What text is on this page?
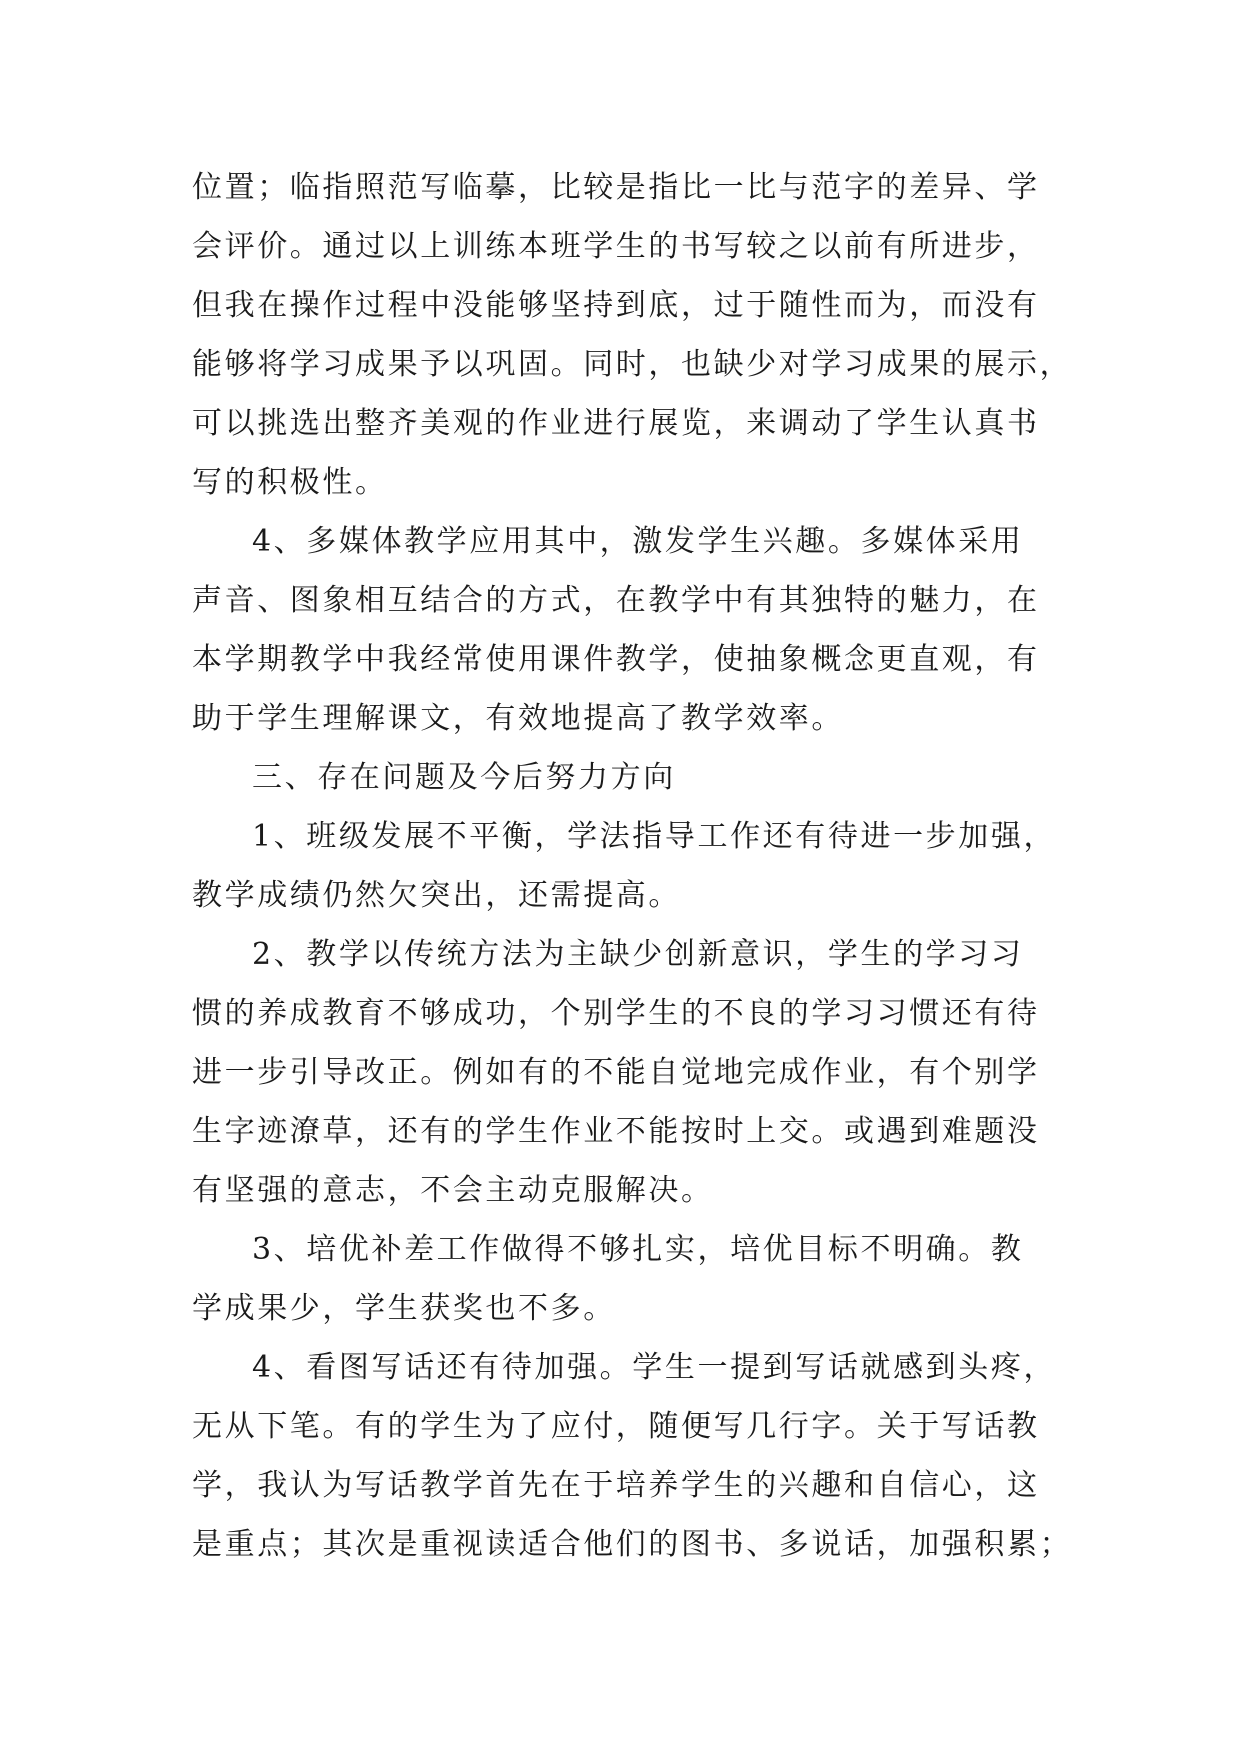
位置；临指照范写临摹，比较是指比一比与范字的差异、学
会评价。通过以上训练本班学生的书写较之以前有所进步，
但我在操作过程中没能够坚持到底，过于随性而为，而没有
能够将学习成果予以巩固。同时，也缺少对学习成果的展示，
可以挑选出整齐美观的作业进行展览，来调动了学生认真书
写的积极性。
4、多媒体教学应用其中，激发学生兴趣。多媒体采用
声音、图象相互结合的方式，在教学中有其独特的魅力，在
本学期教学中我经常使用课件教学，使抽象概念更直观，有
助于学生理解课文，有效地提高了教学效率。
三、存在问题及今后努力方向
1、班级发展不平衡，学法指导工作还有待进一步加强，
教学成绩仍然欠突出，还需提高。
2、教学以传统方法为主缺少创新意识，学生的学习习
惯的养成教育不够成功，个别学生的不良的学习习惯还有待
进一步引导改正。例如有的不能自觉地完成作业，有个别学
生字迹潦草，还有的学生作业不能按时上交。或遇到难题没
有坚强的意志，不会主动克服解决。
3、培优补差工作做得不够扎实，培优目标不明确。教
学成果少，学生获奖也不多。
4、看图写话还有待加强。学生一提到写话就感到头疼，
无从下笔。有的学生为了应付，随便写几行字。关于写话教
学，我认为写话教学首先在于培养学生的兴趣和自信心，这
是重点；其次是重视读适合他们的图书、多说话，加强积累；
